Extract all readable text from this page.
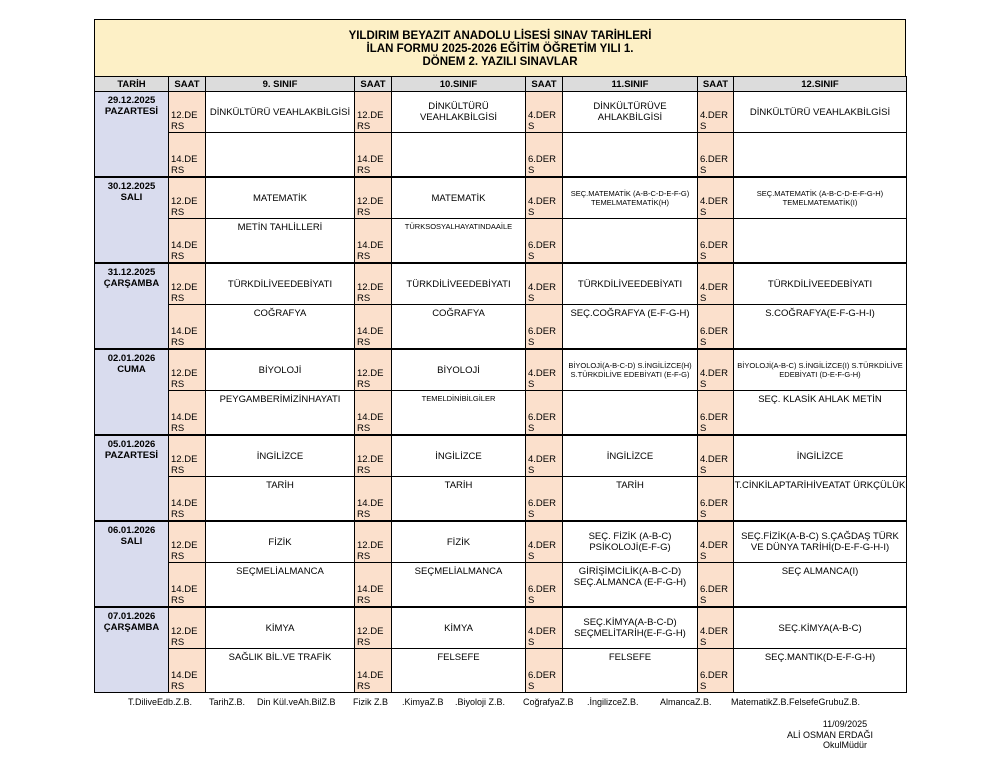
YILDIRIM BEYAZIT ANADOLU LİSESİ SINAV TARİHLERİ
İLAN FORMU 2025-2026 EĞİTİM ÖĞRETİM YILI 1.
DÖNEM 2. YAZILI SINAVLAR
TARİH	SAAT	9. SINIF	SAAT	10.SINIF	SAAT	11.SINIF	SAAT	12.SINIF

29.12.2025
PAZARTESİ	12.DE RS	DİNKÜLTÜRÜ VEAHLAKBİLGİSİ	12.DE RS	DİNKÜLTÜRÜ VEAHLAKBİLGİSİ	4.DER S	DİNKÜLTÜRÜVE AHLAKBİLGİSİ	4.DER S	DİNKÜLTÜRÜ VEAHLAKBİLGİSİ
	14.DE RS		14.DE RS		6.DER S		6.DER S	

30.12.2025
SALI	12.DE RS	MATEMATİK	12.DE RS	MATEMATİK	4.DER S	SEÇ.MATEMATİK (A-B-C-D-E-F-G) TEMELMATEMATİK(H)	4.DER S	SEÇ.MATEMATİK (A-B-C-D-E-F-G-H) TEMELMATEMATİK(I)
	14.DE RS	METİN TAHLİLLERİ	14.DE RS	TÜRKSOSYALHAYATINDAAİLE	6.DER S		6.DER S	

31.12.2025
ÇARŞAMBA	12.DE RS	TÜRKDİLİVEEDEBİYATI	12.DE RS	TÜRKDİLİVEEDEBİYATI	4.DER S	TÜRKDİLİVEEDEBİYATI	4.DER S	TÜRKDİLİVEEDEBİYATI
	14.DE RS	COĞRAFYA	14.DE RS	COĞRAFYA	6.DER S	SEÇ.COĞRAFYA (E-F-G-H)	6.DER S	S.COĞRAFYA(E-F-G-H-I)

02.01.2026
CUMA	12.DE RS	BİYOLOJİ	12.DE RS	BİYOLOJİ	4.DER S	BİYOLOJİ(A-B-C-D) S.İNGİLİZCE(H) S.TÜRKDİLİVE EDEBİYATI (E-F-G)	4.DER S	BİYOLOJİ(A-B-C) S.İNGİLİZCE(I) S.TÜRKDİLİVE EDEBİYATI (D-E-F-G-H)
	14.DE RS	PEYGAMBERİMİZİNHAYATI	14.DE RS	TEMELDİNİBİLGİLER	6.DER S		6.DER S	SEÇ. KLASİK AHLAK METİN

05.01.2026
PAZARTESİ	12.DE RS	İNGİLİZCE	12.DE RS	İNGİLİZCE	4.DER S	İNGİLİZCE	4.DER S	İNGİLİZCE
	14.DE RS	TARİH	14.DE RS	TARİH	6.DER S	TARİH	6.DER S	T.CİNKİLAPTARİHİVEATAT ÜRKÇÜLÜK

06.01.2026
SALI	12.DE RS	FİZİK	12.DE RS	FİZİK	4.DER S	SEÇ. FİZİK (A-B-C) PSİKOLOJİ(E-F-G)	4.DER S	SEÇ.FİZİK(A-B-C) S.ÇAĞDAŞ TÜRK VE DÜNYA TARİHİ(D-E-F-G-H-I)
	14.DE RS	SEÇMELİALMANCA	14.DE RS	SEÇMELİALMANCA	6.DER S	GİRİŞİMCİLİK(A-B-C-D) SEÇ.ALMANCA (E-F-G-H)	6.DER S	SEÇ ALMANCA(I)

07.01.2026
ÇARŞAMBA	12.DE RS	KİMYA	12.DE RS	KİMYA	4.DER S	SEÇ.KİMYA(A-B-C-D) SEÇMELİTARİH(E-F-G-H)	4.DER S	SEÇ.KİMYA(A-B-C)
	14.DE RS	SAĞLIK BİL.VE TRAFİK	14.DE RS	FELSEFE	6.DER S	FELSEFE	6.DER S	SEÇ.MANTIK(D-E-F-G-H)
T.DiliveEdb.Z.B. TarihZ.B. Din Kül.veAh.BilZ.B Fizik Z.B .KimyaZ.B .Biyoloji Z.B. CoğrafyaZ.B .İngilizceZ.B. AlmancaZ.B. MatematikZ.B.FelsefeGrubuZ.B.
11/09/2025
ALİ OSMAN ERDAĞI
OkulMüdür
